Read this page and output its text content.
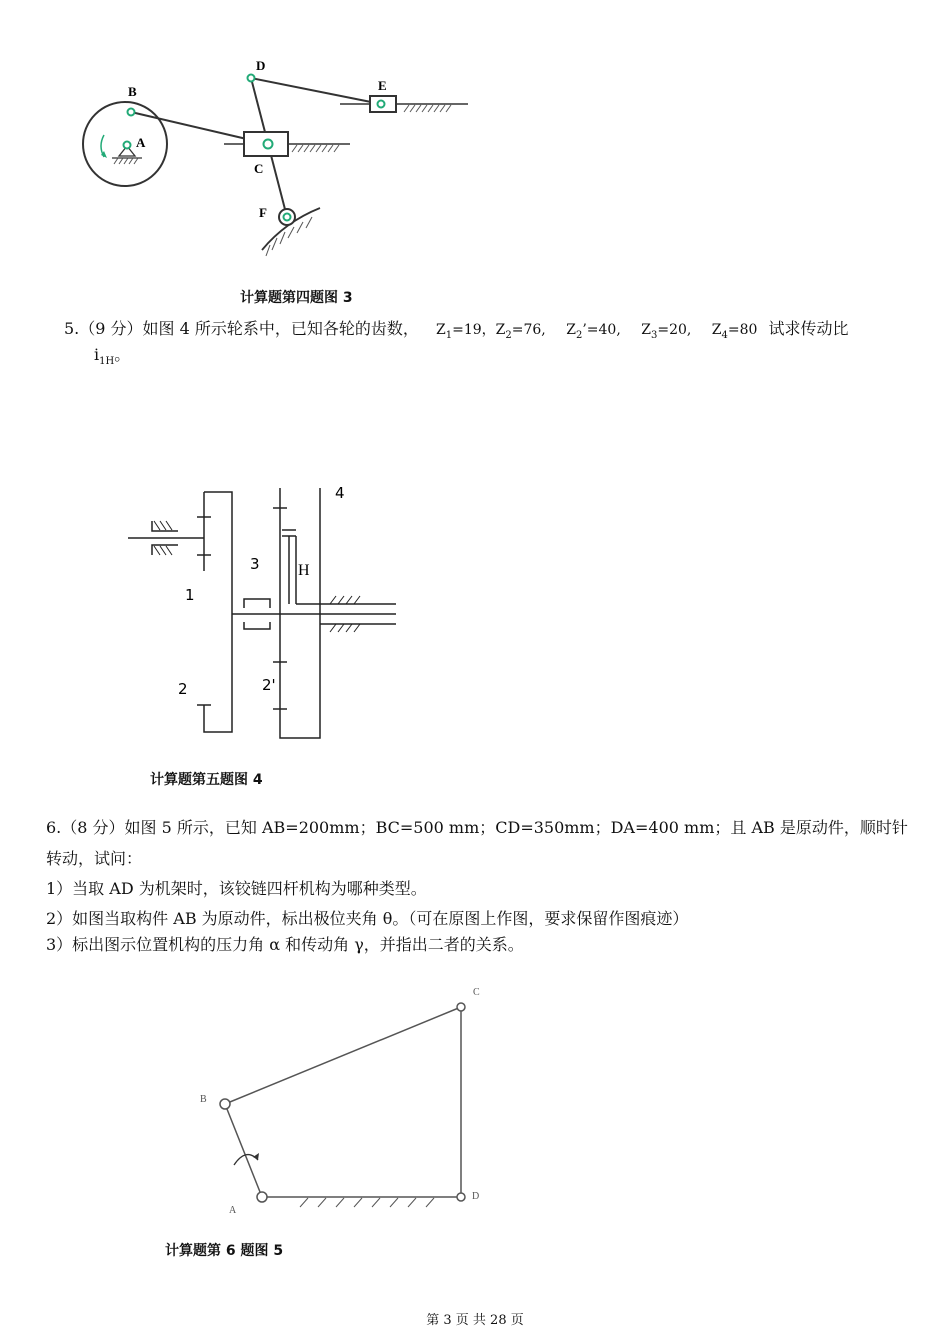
B
A
D
E
C
F
计算题第四题图 3
5.（9 分）如图 4 所示轮系中，已知各轮的齿数， $Z_1=19$，$Z_2=76$, $Z_2’=40$, $Z_3=20$, $Z_4=80$ 试求传动比
$i_{1H}$。
1
2	2'
3
4
H
计算题第五题图 4
6.（8 分）如图 5 所示，已知 AB=200mm；BC=500 mm；CD=350mm；DA=400 mm；且 AB 是原动件，顺时针
转动，试问：
1）当取 AD 为机架时，该铰链四杆机构为哪种类型。
2）如图当取构件 AB 为原动件，标出极位夹角 θ。（可在原图上作图，要求保留作图痕迹）
3）标出图示位置机构的压力角 α 和传动角 γ，并指出二者的关系。
B
A
C
D
计算题第 6 题图 5
第 3 页 共 28 页
